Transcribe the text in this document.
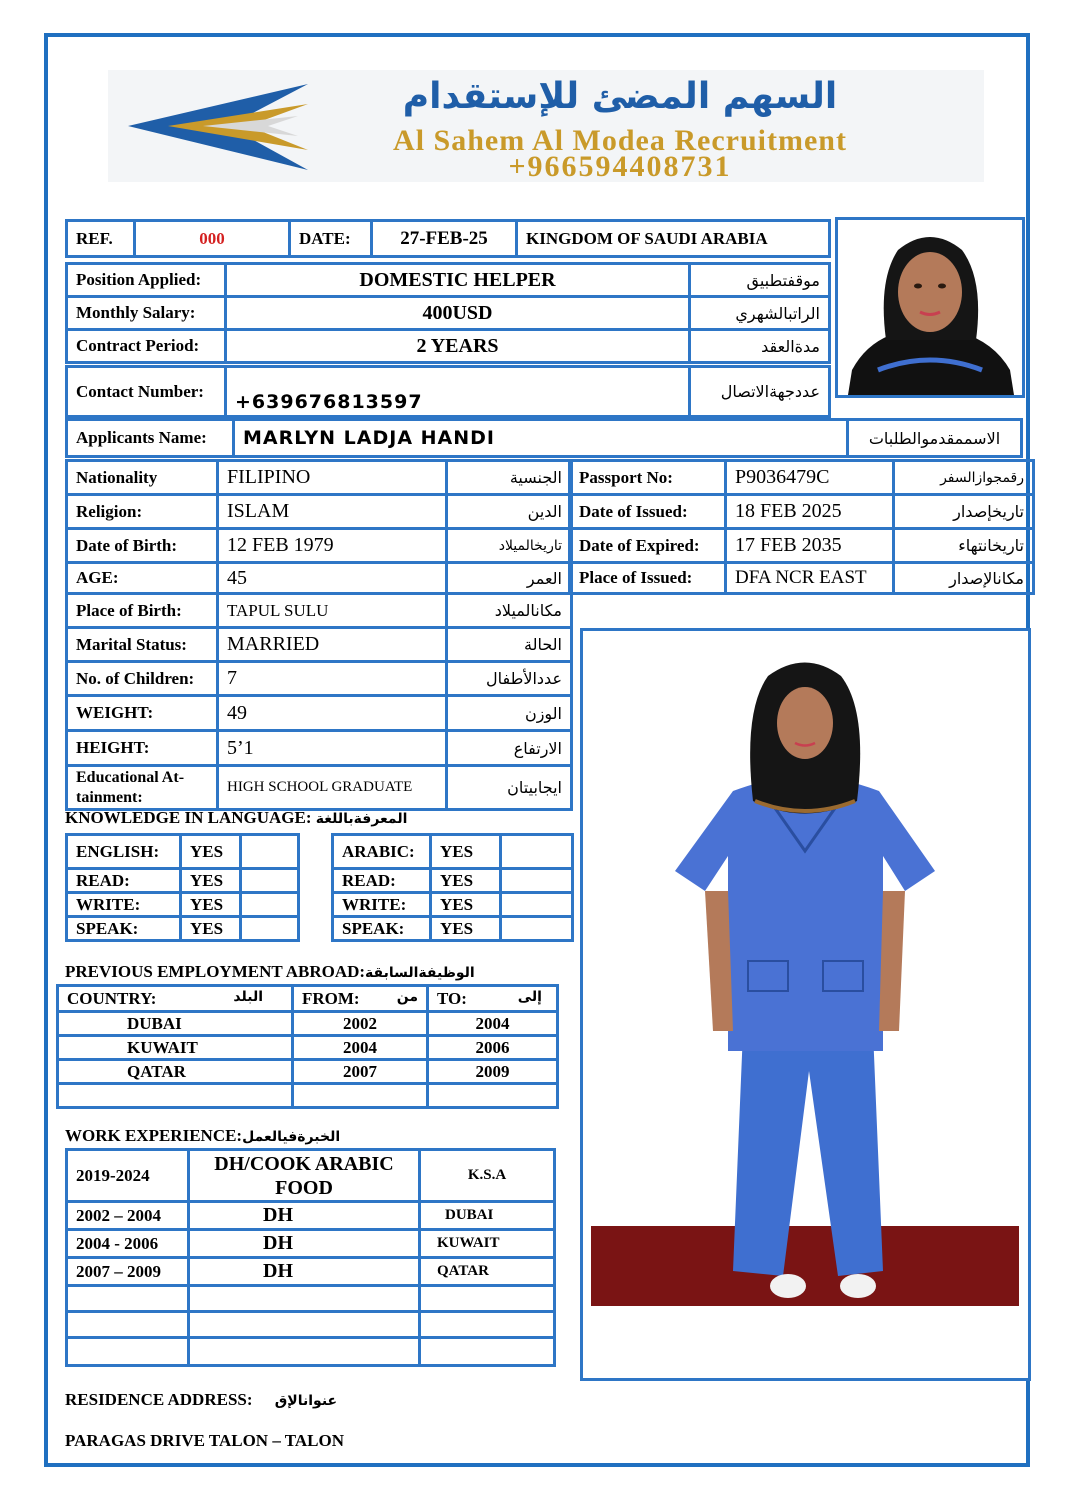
السهم المضئ للإستقدام
Al Sahem Al Modea Recruitment
+966594408731
REF.	000	DATE:	27-FEB-25	KINGDOM OF SAUDI ARABIA
Position Applied:	DOMESTIC HELPER	موقفتطبيق
Monthly Salary:	400USD	الراتبالشهري
Contract Period:	2 YEARS	مدةالعقد
Contact Number:	+639676813597	عددجهةالاتصال
Applicants Name:	MARLYN LADJA HANDI	الاسممقدموالطلبات
Nationality	FILIPINO	الجنسية
Religion:	ISLAM	الدين
Date of Birth:	12 FEB 1979	تاريخالميلاد
AGE:	45	العمر
Place of Birth:	TAPUL SULU	مكانالميلاد
Marital Status:	MARRIED	الحالة
No. of Children:	7	عددالأطفال
WEIGHT:	49	الوزن
HEIGHT:	5’1	الارتفاع
Educational At-tainment:	HIGH SCHOOL GRADUATE	ايجابيتان
Passport No:	P9036479C	رقمجوازالسفر
Date of Issued:	18 FEB 2025	تاريخإصدار
Date of Expired:	17 FEB 2035	تاريخانتهاء
Place of Issued:	DFA NCR EAST	مكانالإصدار
KNOWLEDGE IN LANGUAGE: المعرفةباللغة
ENGLISH:	YES	
READ:	YES	
WRITE:	YES	
SPEAK:	YES	
ARABIC:	YES	
READ:	YES	
WRITE:	YES	
SPEAK:	YES	
PREVIOUS EMPLOYMENT ABROAD:الوظيفةالسابقة
COUNTRY: البلد	FROM: من	TO: إلى

DUBAI	2002	2004
KUWAIT	2004	2006
QATAR	2007	2009

WORK EXPERIENCE:الخبرةفيالعمل
2019-2024	DH/COOK ARABIC FOOD	K.S.A
2002 – 2004	DH	DUBAI
2004 - 2006	DH	KUWAIT
2007 – 2009	DH	QATAR

RESIDENCE ADDRESS: عنوانالإق
PARAGAS DRIVE TALON – TALON
